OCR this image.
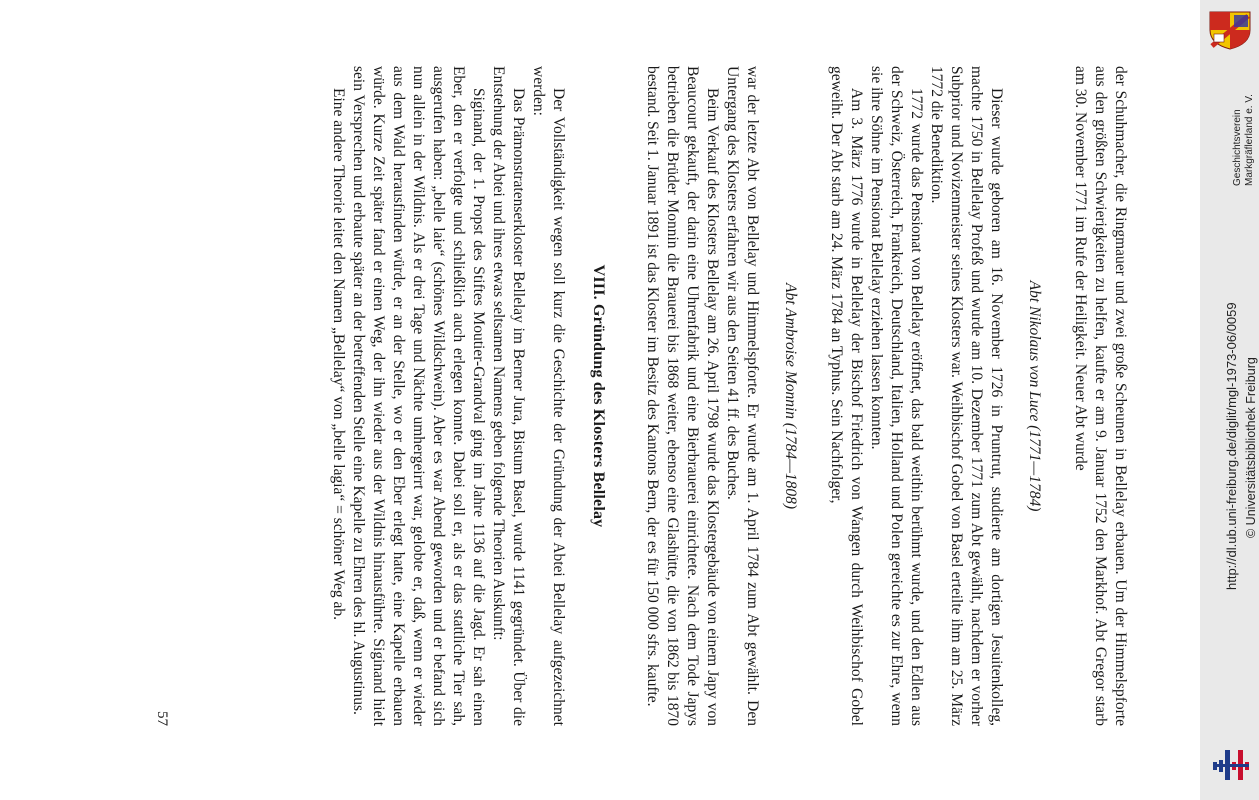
der Schuhmacher, die Ringmauer und zwei große Scheunen in Bellelay erbauen. Um der Himmelspforte aus den größten Schwierigkeiten zu helfen, kaufte er am 9. Januar 1752 den Markhof. Abt Gregor starb am 30. November 1771 im Rufe der Heiligkeit. Neuer Abt wurde

Abt Nikolaus von Luce (1771—1784)

Dieser wurde geboren am 16. November 1726 in Pruntrut, studierte am dortigen Jesuitenkolleg, machte 1750 in Bellelay Profeß und wurde am 10. Dezember 1771 zum Abt gewählt, nachdem er vorher Subprior und Novizenmeister seines Klosters war. Weihbischof Gobel von Basel erteilte ihm am 25. März 1772 die Benediktion.

1772 wurde das Pensionat von Bellelay eröffnet, das bald weithin berühmt wurde, und den Edlen aus der Schweiz, Österreich, Frankreich, Deutschland, Italien, Holland und Polen gereichte es zur Ehre, wenn sie ihre Söhne im Pensionat Bellelay erziehen lassen konnten.

Am 3. März 1776 wurde in Bellelay der Bischof Friedrich von Wangen durch Weihbischof Gobel geweiht. Der Abt starb am 24. März 1784 an Typhus. Sein Nachfolger,

Abt Ambroise Monnin (1784—1808)

war der letzte Abt von Bellelay und Himmelspforte. Er wurde am 1. April 1784 zum Abt gewählt. Den Untergang des Klosters erfahren wir aus den Seiten 41 ff. des Buches.

Beim Verkauf des Klosters Bellelay am 26. April 1798 wurde das Klostergebäude von einem Japy von Beaucourt gekauft, der darin eine Uhrenfabrik und eine Bierbrauerei einrichtete. Nach dem Tode Japys betrieben die Brüder Monnin die Brauerei bis 1868 weiter, ebenso eine Glashütte, die von 1862 bis 1870 bestand. Seit 1. Januar 1891 ist das Kloster im Besitz des Kantons Bern, der es für 150 000 sfrs. kaufte.

VIII. Gründung des Klosters Bellelay

Der Vollständigkeit wegen soll kurz die Geschichte der Gründung der Abtei Bellelay aufgezeichnet werden:

Das Prämonstratenserkloster Bellelay im Berner Jura, Bistum Basel, wurde 1141 gegründet. Über die Entstehung der Abtei und ihres etwas seltsamen Namens geben folgende Theorien Auskunft:

Siginand, der 1. Propst des Stiftes Moutier-Grandval ging im Jahre 1136 auf die Jagd. Er sah einen Eber, den er verfolgte und schließlich auch erlegen konnte. Dabei soll er, als er das stattliche Tier sah, ausgerufen haben: „belle laie“ (schönes Wildschwein). Aber es war Abend geworden und er befand sich nun allein in der Wildnis. Als er drei Tage und Nächte umhergeirrt war, gelobte er, daß, wenn er wieder aus dem Wald herausfinden würde, er an der Stelle, wo er den Eber erlegt hatte, eine Kapelle erbauen würde. Kurze Zeit später fand er einen Weg, der ihn wieder aus der Wildnis hinausführte. Siginand hielt sein Versprechen und erbaute später an der betreffenden Stelle eine Kapelle zu Ehren des hl. Augustinus.

Eine andere Theorie leitet den Namen „Bellelay“ von „belle lagia“ = schöner Weg ab.

57
Geschichtsverein Markgräflerland e. V.
http://dl.ub.uni-freiburg.de/diglit/mgl-1973-06/0059 © Universitätsbibliothek Freiburg
